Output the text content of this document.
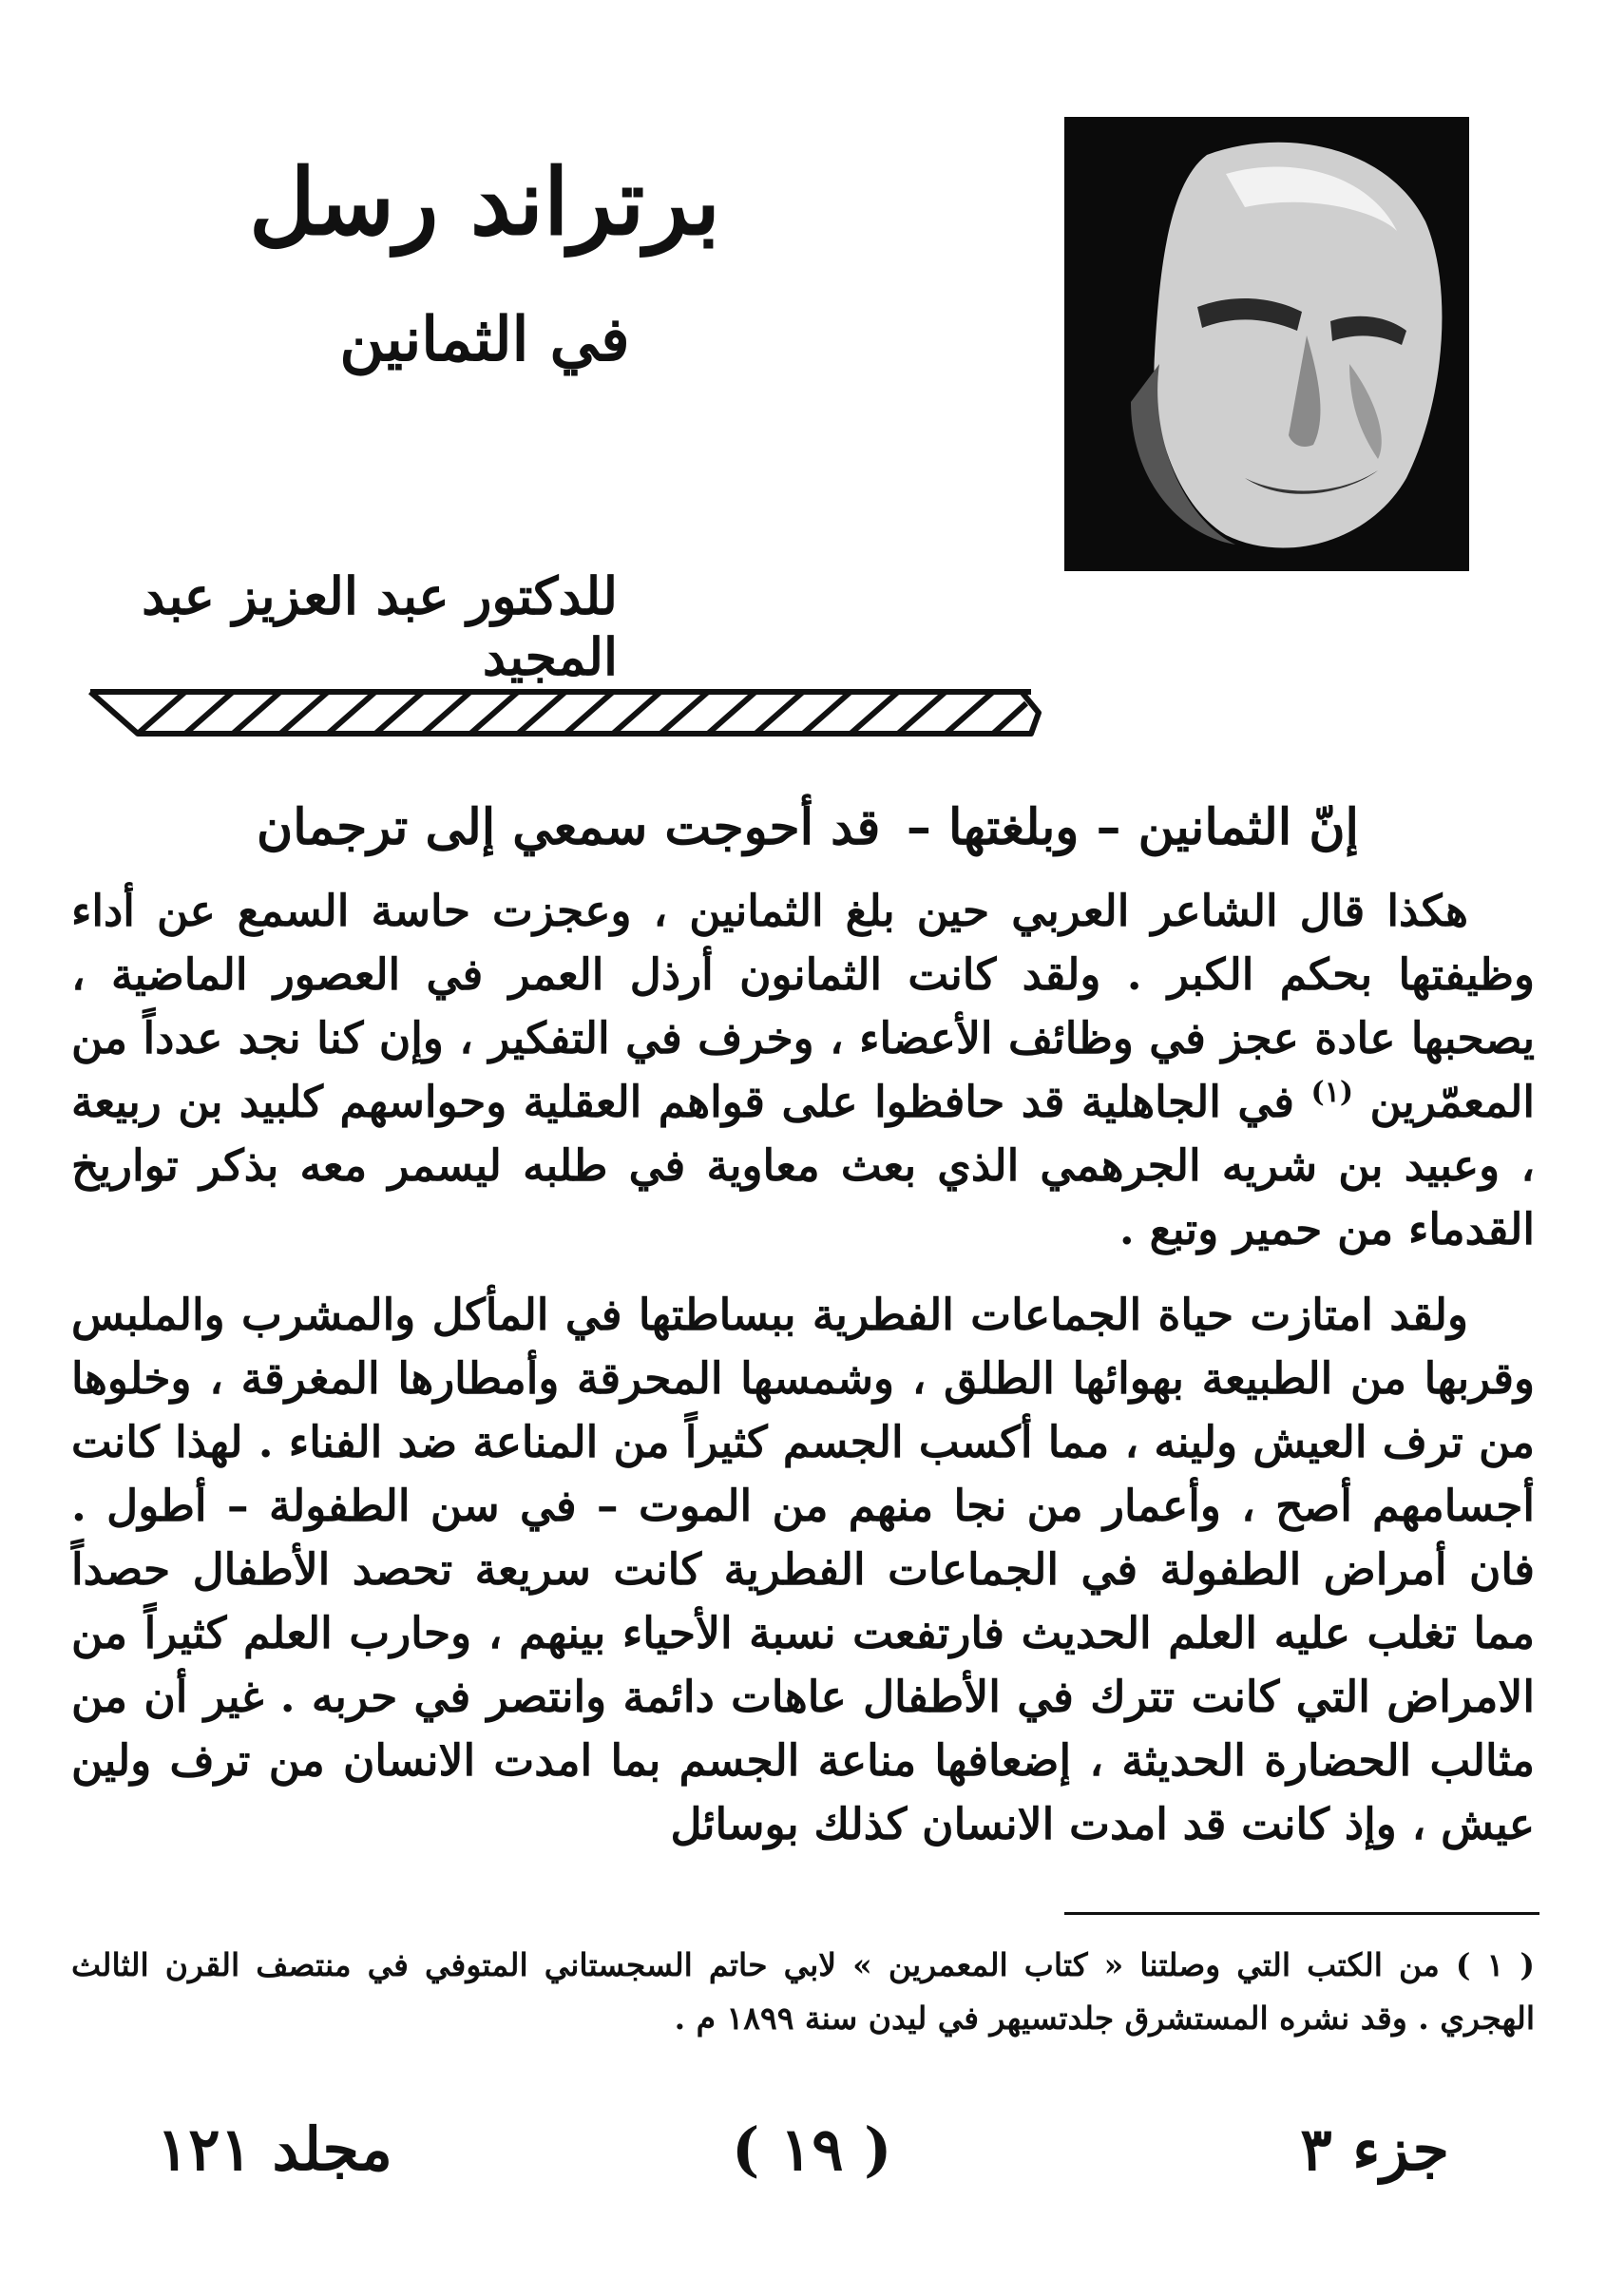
برتراند رسل
في الثمانين
للدكتور عبد العزيز عبد المجيد
إنّ الثمانين – وبلغتها –
قد أحوجت سمعي إلى ترجمان

هكذا قال الشاعر العربي حين بلغ الثمانين ، وعجزت حاسة السمع عن أداء وظيفتها بحكم الكبر . ولقد كانت الثمانون أرذل العمر في العصور الماضية ، يصحبها عادة عجز في وظائف الأعضاء ، وخرف في التفكير ، وإن كنا نجد عدداً من المعمّرين $^{(١)}$ في الجاهلية قد حافظوا على قواهم العقلية وحواسهم كلبيد بن ربيعة ، وعبيد بن شريه الجرهمي الذي بعث معاوية في طلبه ليسمر معه بذكر تواريخ القدماء من حمير وتبع .

ولقد امتازت حياة الجماعات الفطرية ببساطتها في المأكل والمشرب والملبس وقربها من الطبيعة بهوائها الطلق ، وشمسها المحرقة وأمطارها المغرقة ، وخلوها من ترف العيش ولينه ، مما أكسب الجسم كثيراً من المناعة ضد الفناء . لهذا كانت أجسامهم أصح ، وأعمار من نجا منهم من الموت – في سن الطفولة – أطول . فان أمراض الطفولة في الجماعات الفطرية كانت سريعة تحصد الأطفال حصداً مما تغلب عليه العلم الحديث فارتفعت نسبة الأحياء بينهم ، وحارب العلم كثيراً من الامراض التي كانت تترك في الأطفال عاهات دائمة وانتصر في حربه . غير أن من مثالب الحضارة الحديثة ، إضعافها مناعة الجسم بما امدت الانسان من ترف ولين عيش ، وإذ كانت قد امدت الانسان كذلك بوسائل

( ١ ) من الكتب التي وصلتنا « كتاب المعمرين » لابي حاتم السجستاني المتوفي في منتصف القرن الثالث الهجري . وقد نشره المستشرق جلدتسيهر في ليدن سنة ١٨٩٩ م .
جزء ٣
( ١٩ )
مجلد ١٢١
